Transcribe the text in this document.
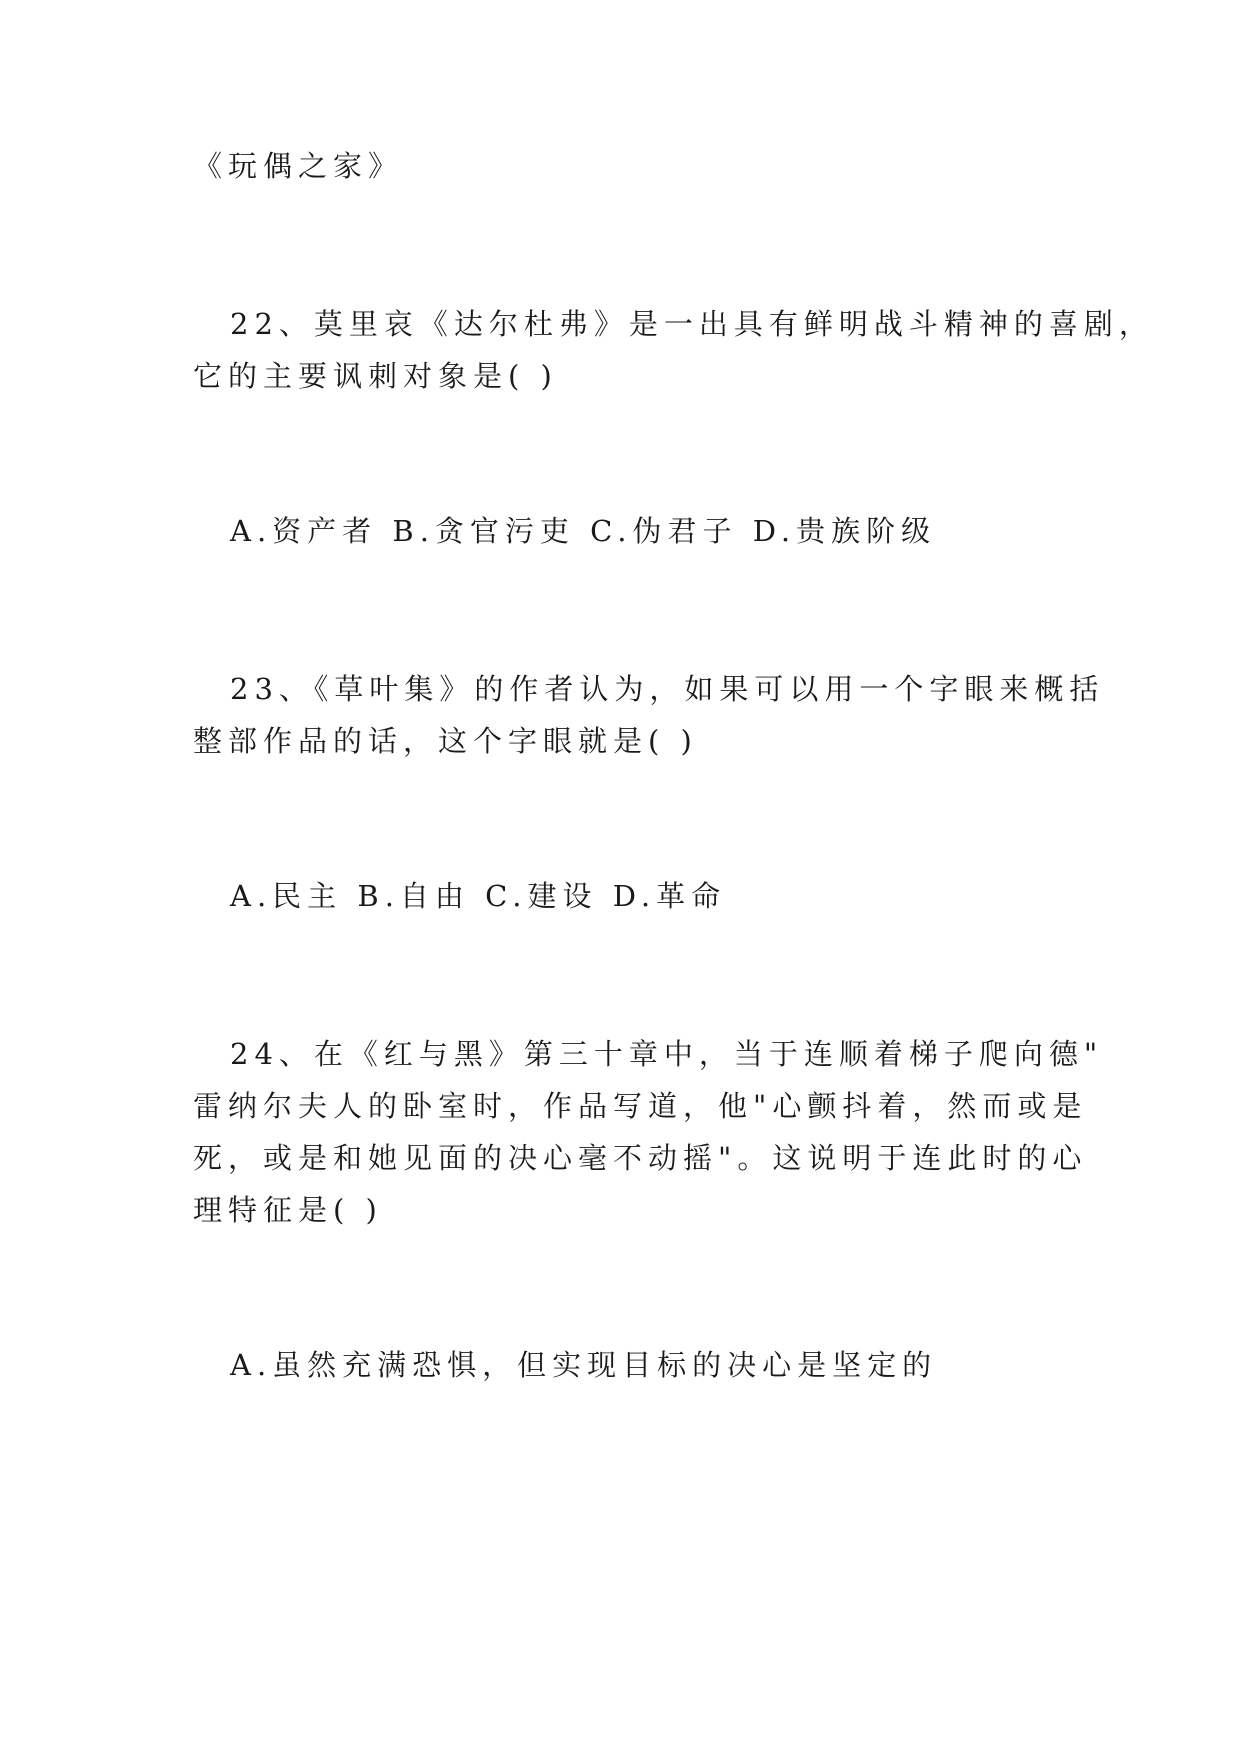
《玩偶之家》

22、莫里哀《达尔杜弗》是一出具有鲜明战斗精神的喜剧，

它的主要讽刺对象是( )

A.资产者 B.贪官污吏 C.伪君子 D.贵族阶级

23、《草叶集》的作者认为，如果可以用一个字眼来概括

整部作品的话，这个字眼就是( )

A.民主 B.自由 C.建设 D.革命

24、在《红与黑》第三十章中，当于连顺着梯子爬向德"

雷纳尔夫人的卧室时，作品写道，他"心颤抖着，然而或是

死，或是和她见面的决心毫不动摇"。这说明于连此时的心

理特征是( )

A.虽然充满恐惧，但实现目标的决心是坚定的
